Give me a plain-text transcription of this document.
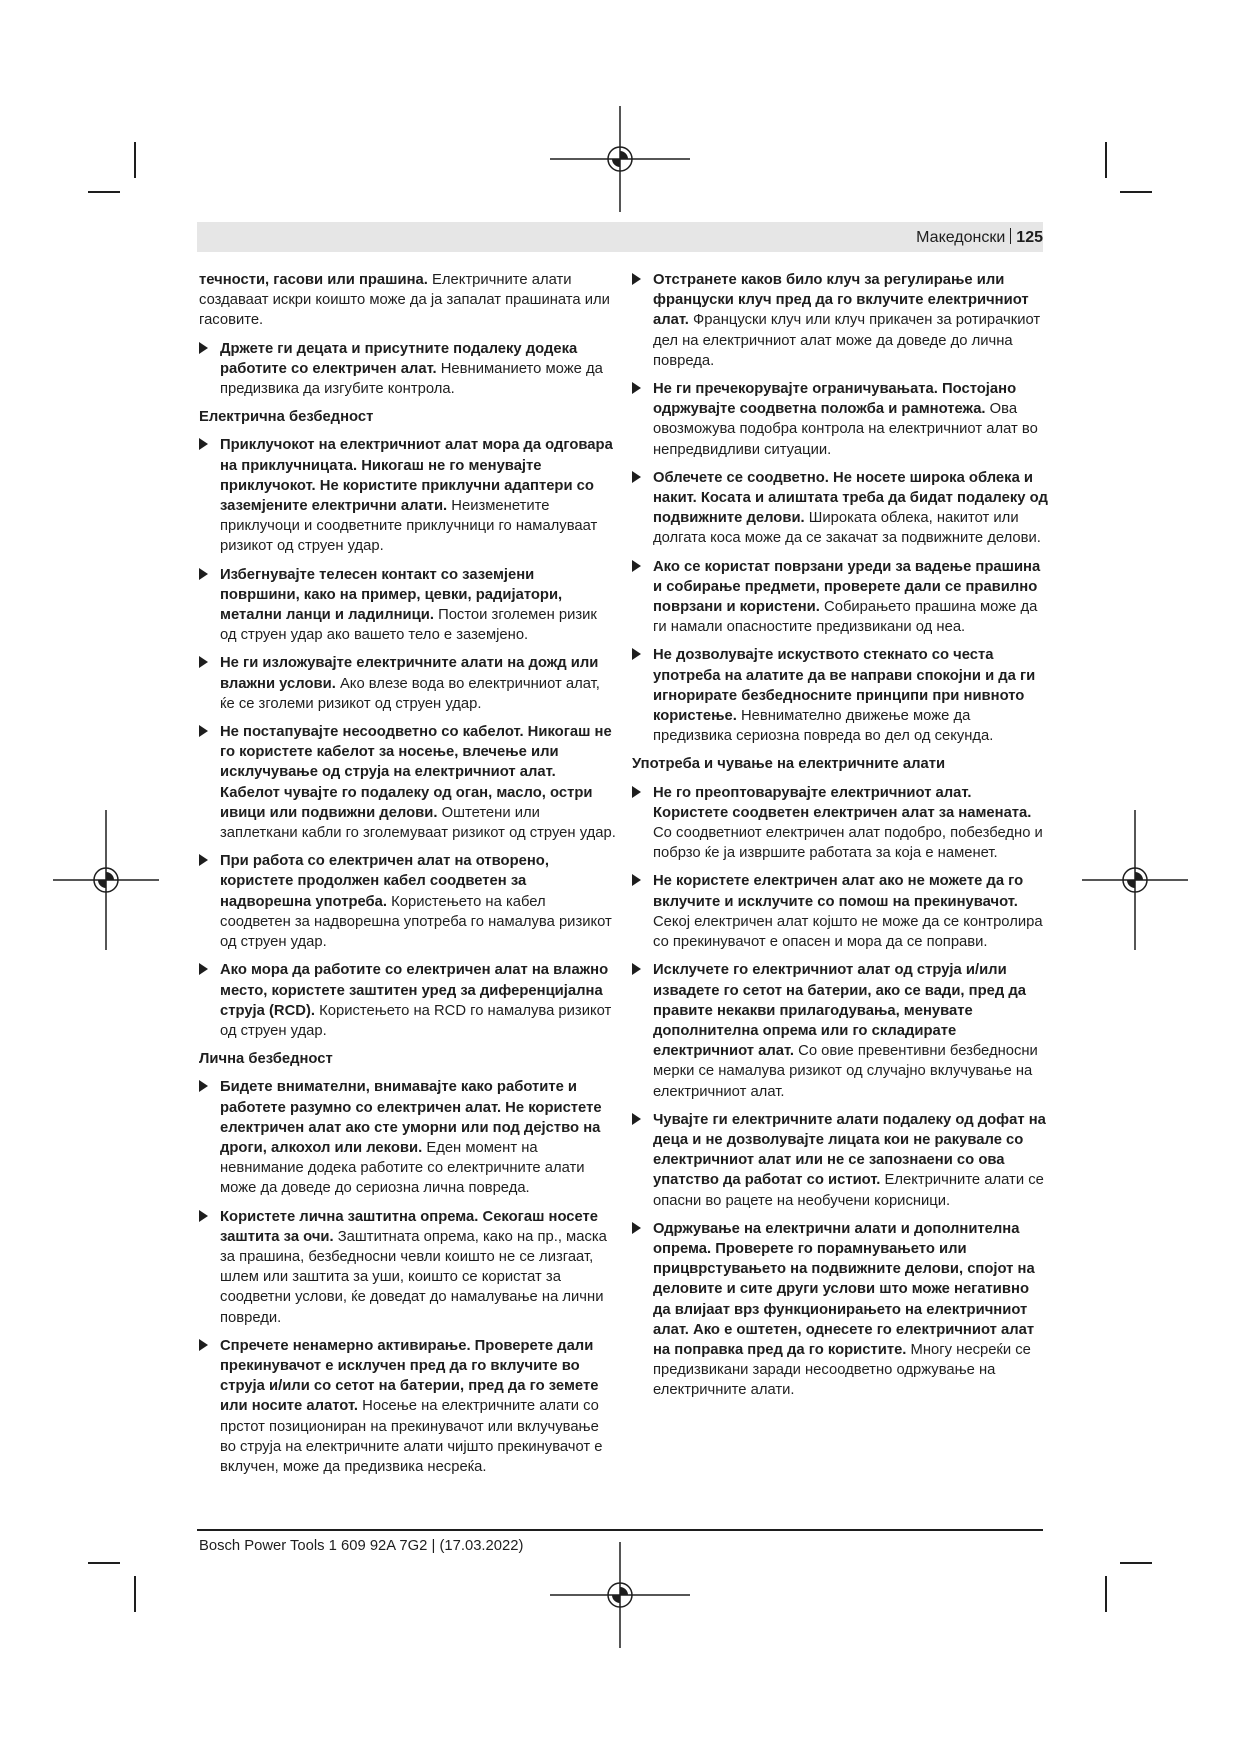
Македонски 125
течности, гасови или прашина. Електричните алати создаваат искри коишто може да ја запалат прашината или гасовите.
Држете ги децата и присутните подалеку додека работите со електричен алат. Невниманието може да предизвика да изгубите контрола.
Електрична безбедност
Приклучокот на електричниот алат мора да одговара на приклучницата. Никогаш не го менувајте приклучокот. Не користите приклучни адаптери со заземјените електрични алати. Неизменетите приклучоци и соодветните приклучници го намалуваат ризикот од струен удар.
Избегнувајте телесен контакт со заземјени површини, како на пример, цевки, радијатори, метални ланци и ладилници. Постои зголемен ризик од струен удар ако вашето тело е заземјено.
Не ги изложувајте електричните алати на дожд или влажни услови. Ако влезе вода во електричниот алат, ќе се зголеми ризикот од струен удар.
Не постапувајте несоодветно со кабелот. Никогаш не го користете кабелот за носење, влечење или исклучување од струја на електричниот алат. Кабелот чувајте го подалеку од оган, масло, остри ивици или подвижни делови. Оштетени или заплеткани кабли го зголемуваат ризикот од струен удар.
При работа со електричен алат на отворено, користете продолжен кабел соодветен за надворешна употреба. Користењето на кабел соодветен за надворешна употреба го намалува ризикот од струен удар.
Ако мора да работите со електричен алат на влажно место, користете заштитен уред за диференцијална струја (RCD). Користењето на RCD го намалува ризикот од струен удар.
Лична безбедност
Бидете внимателни, внимавајте како работите и работете разумно со електричен алат. Не користете електричен алат ако сте уморни или под дејство на дроги, алкохол или лекови. Еден момент на невнимание додека работите со електричните алати може да доведе до сериозна лична повреда.
Користете лична заштитна опрема. Секогаш носете заштита за очи. Заштитната опрема, како на пр., маска за прашина, безбедносни чевли коишто не се лизгаат, шлем или заштита за уши, коишто се користат за соодветни услови, ќе доведат до намалување на лични повреди.
Спречете ненамерно активирање. Проверете дали прекинувачот е исклучен пред да го вклучите во струја и/или со сетот на батерии, пред да го земете или носите алатот. Носење на електричните алати со прстот позициониран на прекинувачот или вклучување во струја на електричните алати чијшто прекинувачот е вклучен, може да предизвика несреќа.
Отстранете каков било клуч за регулирање или француски клуч пред да го вклучите електричниот алат. Француски клуч или клуч прикачен за ротирачкиот дел на електричниот алат може да доведе до лична повреда.
Не ги пречекорувајте ограничувањата. Постојано одржувајте соодветна положба и рамнотежа. Ова овозможува подобра контрола на електричниот алат во непредвидливи ситуации.
Облечете се соодветно. Не носете широка облека и накит. Косата и алиштата треба да бидат подалеку од подвижните делови. Широката облека, накитот или долгата коса може да се закачат за подвижните делови.
Ако се користат поврзани уреди за вадење прашина и собирање предмети, проверете дали се правилно поврзани и користени. Собирањето прашина може да ги намали опасностите предизвикани од неа.
Не дозволувајте искуството стекнато со честа употреба на алатите да ве направи спокојни и да ги игнорирате безбедносните принципи при нивното користење. Невнимателно движење може да предизвика сериозна повреда во дел од секунда.
Употреба и чување на електричните алати
Не го преоптоварувајте електричниот алат. Користете соодветен електричен алат за намената. Со соодветниот електричен алат подобро, побезбедно и побрзо ќе ја извршите работата за која е наменет.
Не користете електричен алат ако не можете да го вклучите и исклучите со помош на прекинувачот. Секој електричен алат којшто не може да се контролира со прекинувачот е опасен и мора да се поправи.
Исклучете го електричниот алат од струја и/или извадете го сетот на батерии, ако се вади, пред да правите некакви прилагодувања, менувате дополнителна опрема или го складирате електричниот алат. Со овие превентивни безбедносни мерки се намалува ризикот од случајно вклучување на електричниот алат.
Чувајте ги електричните алати подалеку од дофат на деца и не дозволувајте лицата кои не ракувале со електричниот алат или не се запознаени со ова упатство да работат со истиот. Електричните алати се опасни во рацете на необучени корисници.
Одржување на електрични алати и дополнителна опрема. Проверете го порамнувањето или прицврстувањето на подвижните делови, спојот на деловите и сите други услови што може негативно да влијаат врз функционирањето на електричниот алат. Ако е оштетен, однесете го електричниот алат на поправка пред да го користите. Многу несреќи се предизвикани заради несоодветно одржување на електричните алати.
Bosch Power Tools 1 609 92A 7G2 | (17.03.2022)
